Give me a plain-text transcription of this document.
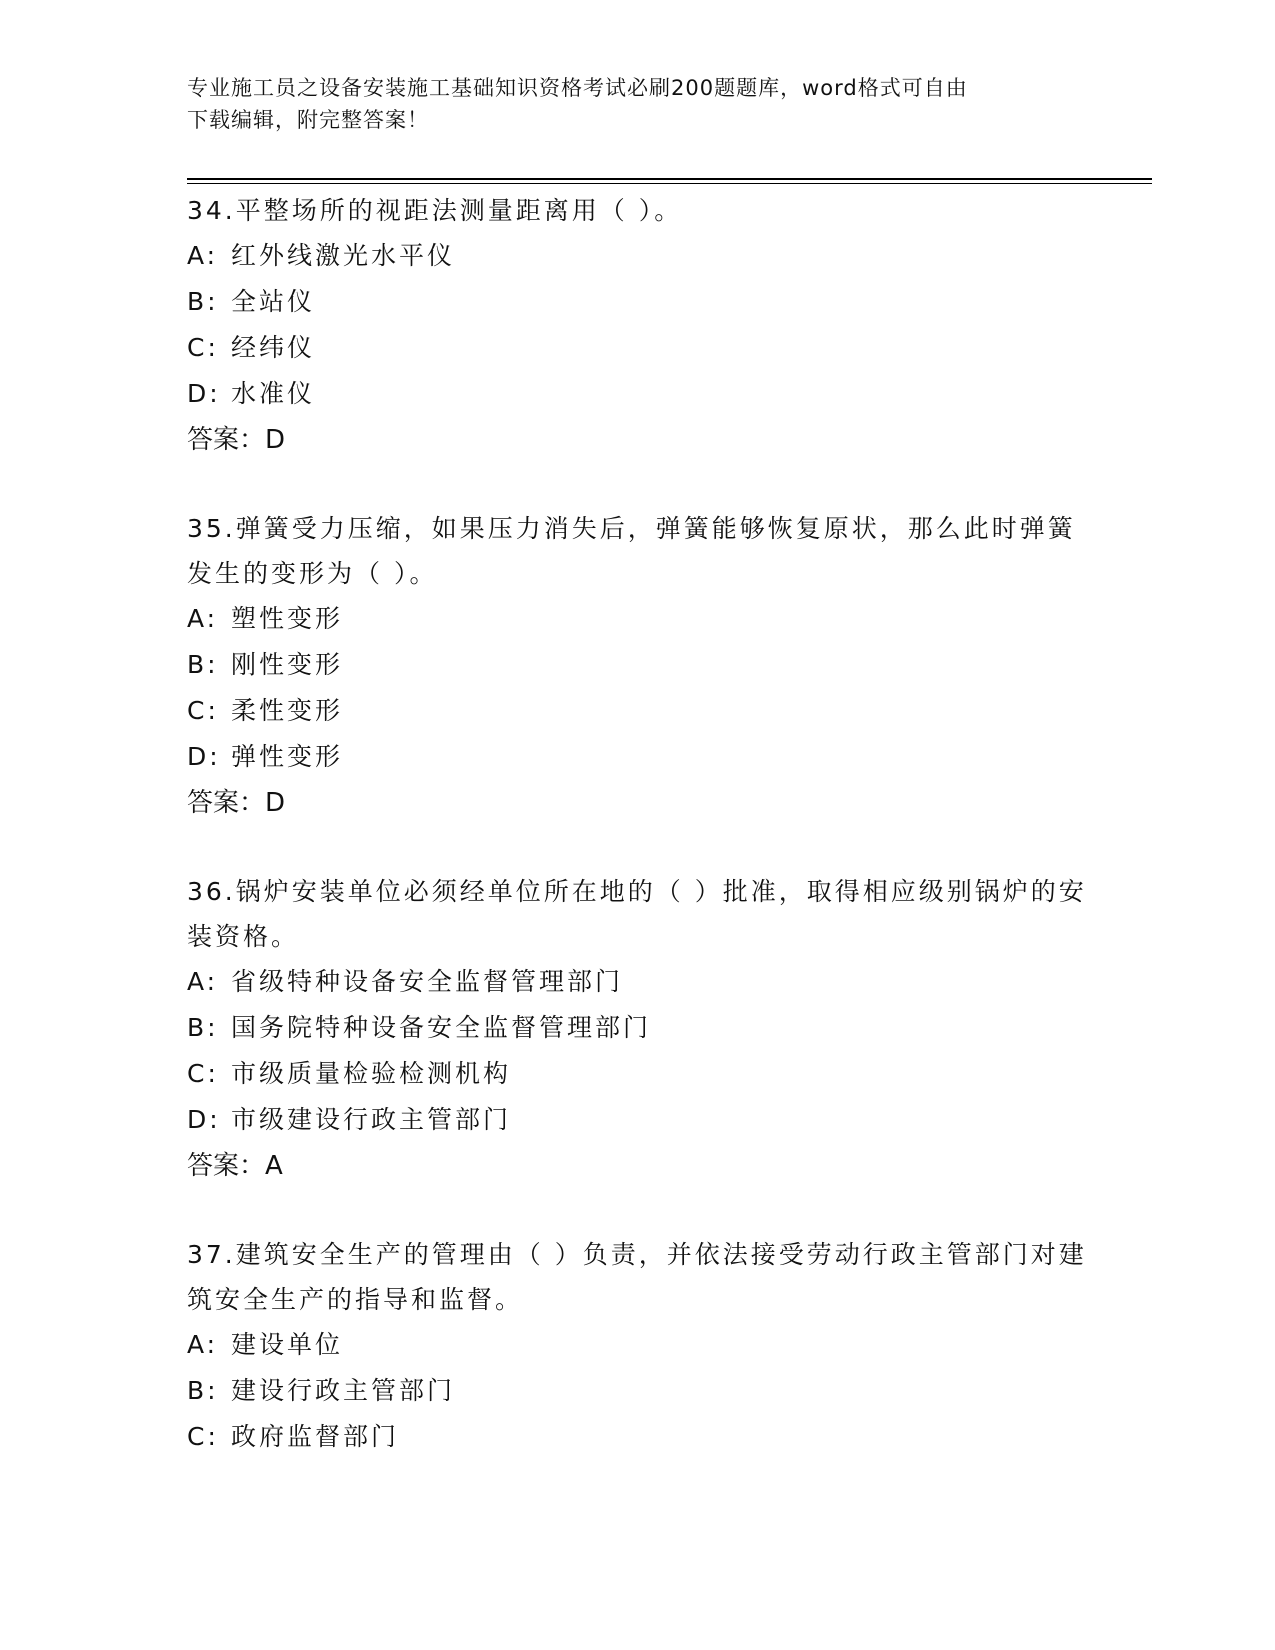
专业施工员之设备安装施工基础知识资格考试必刷200题题库，word格式可自由
下载编辑，附完整答案！

34.平整场所的视距法测量距离用（ ）。

A: 红外线激光水平仪

B: 全站仪

C: 经纬仪

D: 水准仪

答案：D

35.弹簧受力压缩，如果压力消失后，弹簧能够恢复原状，那么此时弹簧发生的变形为（ ）。

A: 塑性变形

B: 刚性变形

C: 柔性变形

D: 弹性变形

答案：D

36.锅炉安装单位必须经单位所在地的（ ）批准，取得相应级别锅炉的安装资格。

A: 省级特种设备安全监督管理部门

B: 国务院特种设备安全监督管理部门

C: 市级质量检验检测机构

D: 市级建设行政主管部门

答案：A

37.建筑安全生产的管理由（ ）负责，并依法接受劳动行政主管部门对建筑安全生产的指导和监督。

A: 建设单位

B: 建设行政主管部门

C: 政府监督部门
